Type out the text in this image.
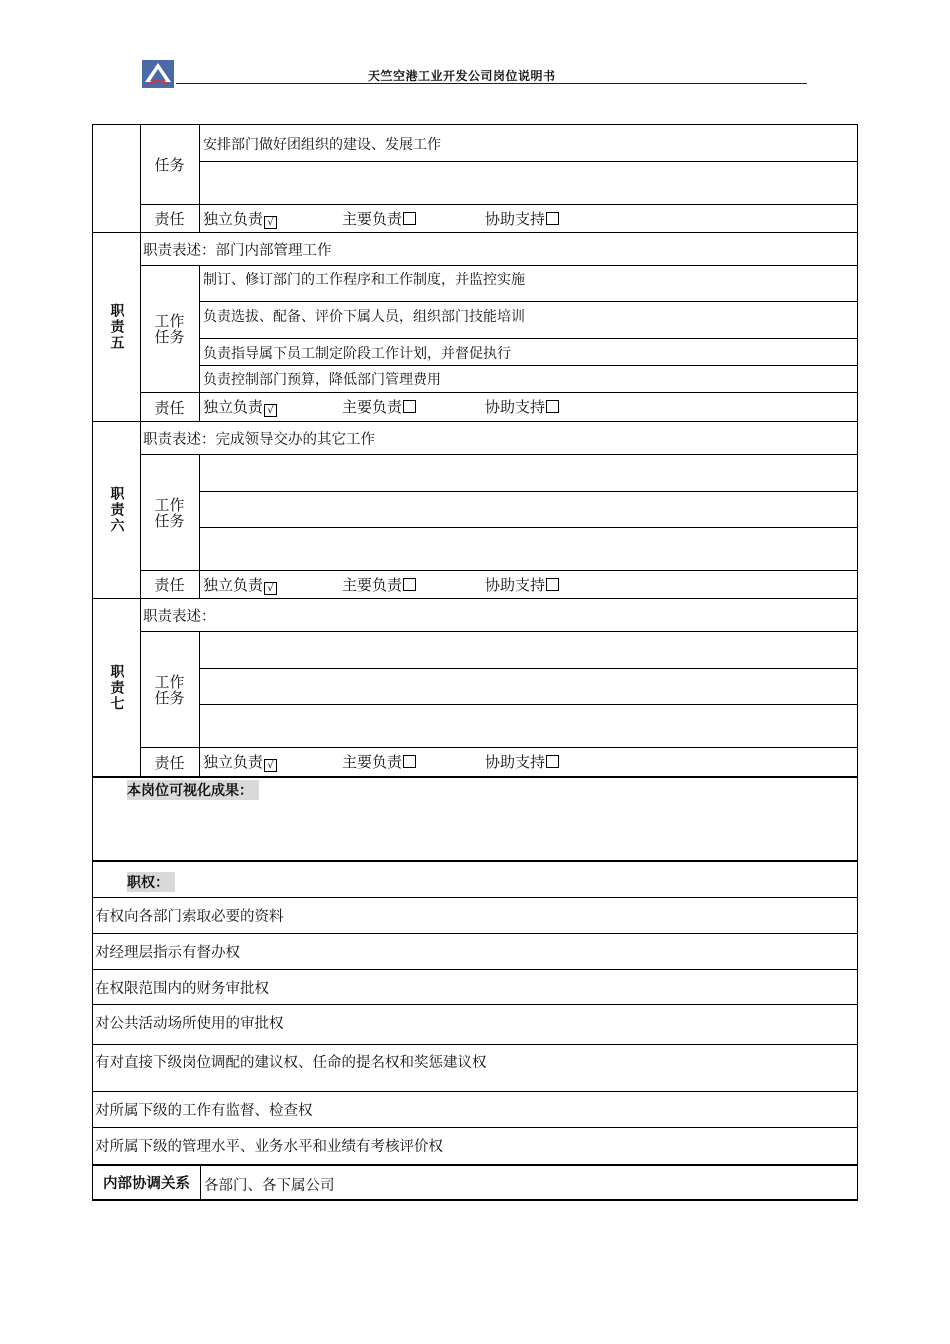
天竺空港工业开发公司岗位说明书
任务
安排部门做好团组织的建设、发展工作
责任	独立负责 √	主要负责	协助支持
职责五
职责表述：部门内部管理工作
工作
任务
制订、修订部门的工作程序和工作制度，并监控实施
负责选拔、配备、评价下属人员，组织部门技能培训
负责指导属下员工制定阶段工作计划，并督促执行
负责控制部门预算，降低部门管理费用
责任	独立负责 √	主要负责	协助支持
职责六
职责表述：完成领导交办的其它工作
工作
任务
责任	独立负责 √	主要负责	协助支持
职责七
职责表述：
工作
任务
责任	独立负责 √	主要负责	协助支持
本岗位可视化成果：
职权：
有权向各部门索取必要的资料
对经理层指示有督办权
在权限范围内的财务审批权
对公共活动场所使用的审批权
有对直接下级岗位调配的建议权、任命的提名权和奖惩建议权
对所属下级的工作有监督、检查权
对所属下级的管理水平、业务水平和业绩有考核评价权
内部协调关系 各部门、各下属公司
